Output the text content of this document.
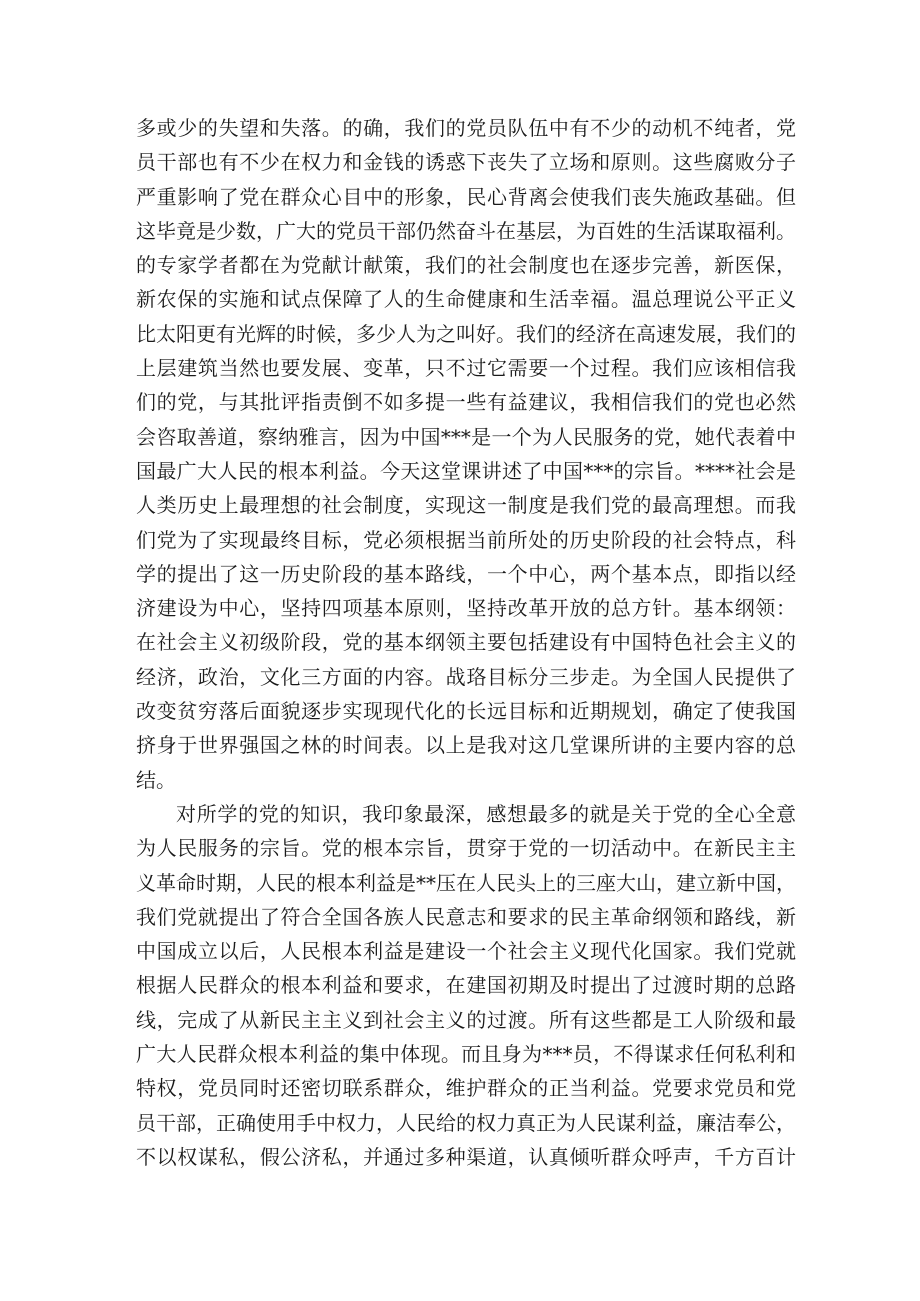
多或少的失望和失落。的确，我们的党员队伍中有不少的动机不纯者，党
员干部也有不少在权力和金钱的诱惑下丧失了立场和原则。这些腐败分子
严重影响了党在群众心目中的形象，民心背离会使我们丧失施政基础。但
这毕竟是少数，广大的党员干部仍然奋斗在基层，为百姓的生活谋取福利。
的专家学者都在为党献计献策，我们的社会制度也在逐步完善，新医保，
新农保的实施和试点保障了人的生命健康和生活幸福。温总理说公平正义
比太阳更有光辉的时候，多少人为之叫好。我们的经济在高速发展，我们的
上层建筑当然也要发展、变革，只不过它需要一个过程。我们应该相信我
们的党，与其批评指责倒不如多提一些有益建议，我相信我们的党也必然
会咨取善道，察纳雅言，因为中国***是一个为人民服务的党，她代表着中
国最广大人民的根本利益。今天这堂课讲述了中国***的宗旨。****社会是
人类历史上最理想的社会制度，实现这一制度是我们党的最高理想。而我
们党为了实现最终目标，党必须根据当前所处的历史阶段的社会特点，科
学的提出了这一历史阶段的基本路线，一个中心，两个基本点，即指以经
济建设为中心，坚持四项基本原则，坚持改革开放的总方针。基本纲领：
在社会主义初级阶段，党的基本纲领主要包括建设有中国特色社会主义的
经济，政治，文化三方面的内容。战珞目标分三步走。为全国人民提供了
改变贫穷落后面貌逐步实现现代化的长远目标和近期规划，确定了使我国
挤身于世界强国之林的时间表。以上是我对这几堂课所讲的主要内容的总
结。
对所学的党的知识，我印象最深，感想最多的就是关于党的全心全意
为人民服务的宗旨。党的根本宗旨，贯穿于党的一切活动中。在新民主主
义革命时期，人民的根本利益是**压在人民头上的三座大山，建立新中国，
我们党就提出了符合全国各族人民意志和要求的民主革命纲领和路线，新
中国成立以后，人民根本利益是建设一个社会主义现代化国家。我们党就
根据人民群众的根本利益和要求，在建国初期及时提出了过渡时期的总路
线，完成了从新民主主义到社会主义的过渡。所有这些都是工人阶级和最
广大人民群众根本利益的集中体现。而且身为***员，不得谋求任何私利和
特权，党员同时还密切联系群众，维护群众的正当利益。党要求党员和党
员干部，正确使用手中权力，人民给的权力真正为人民谋利益，廉洁奉公，
不以权谋私，假公济私，并通过多种渠道，认真倾听群众呼声，千方百计
